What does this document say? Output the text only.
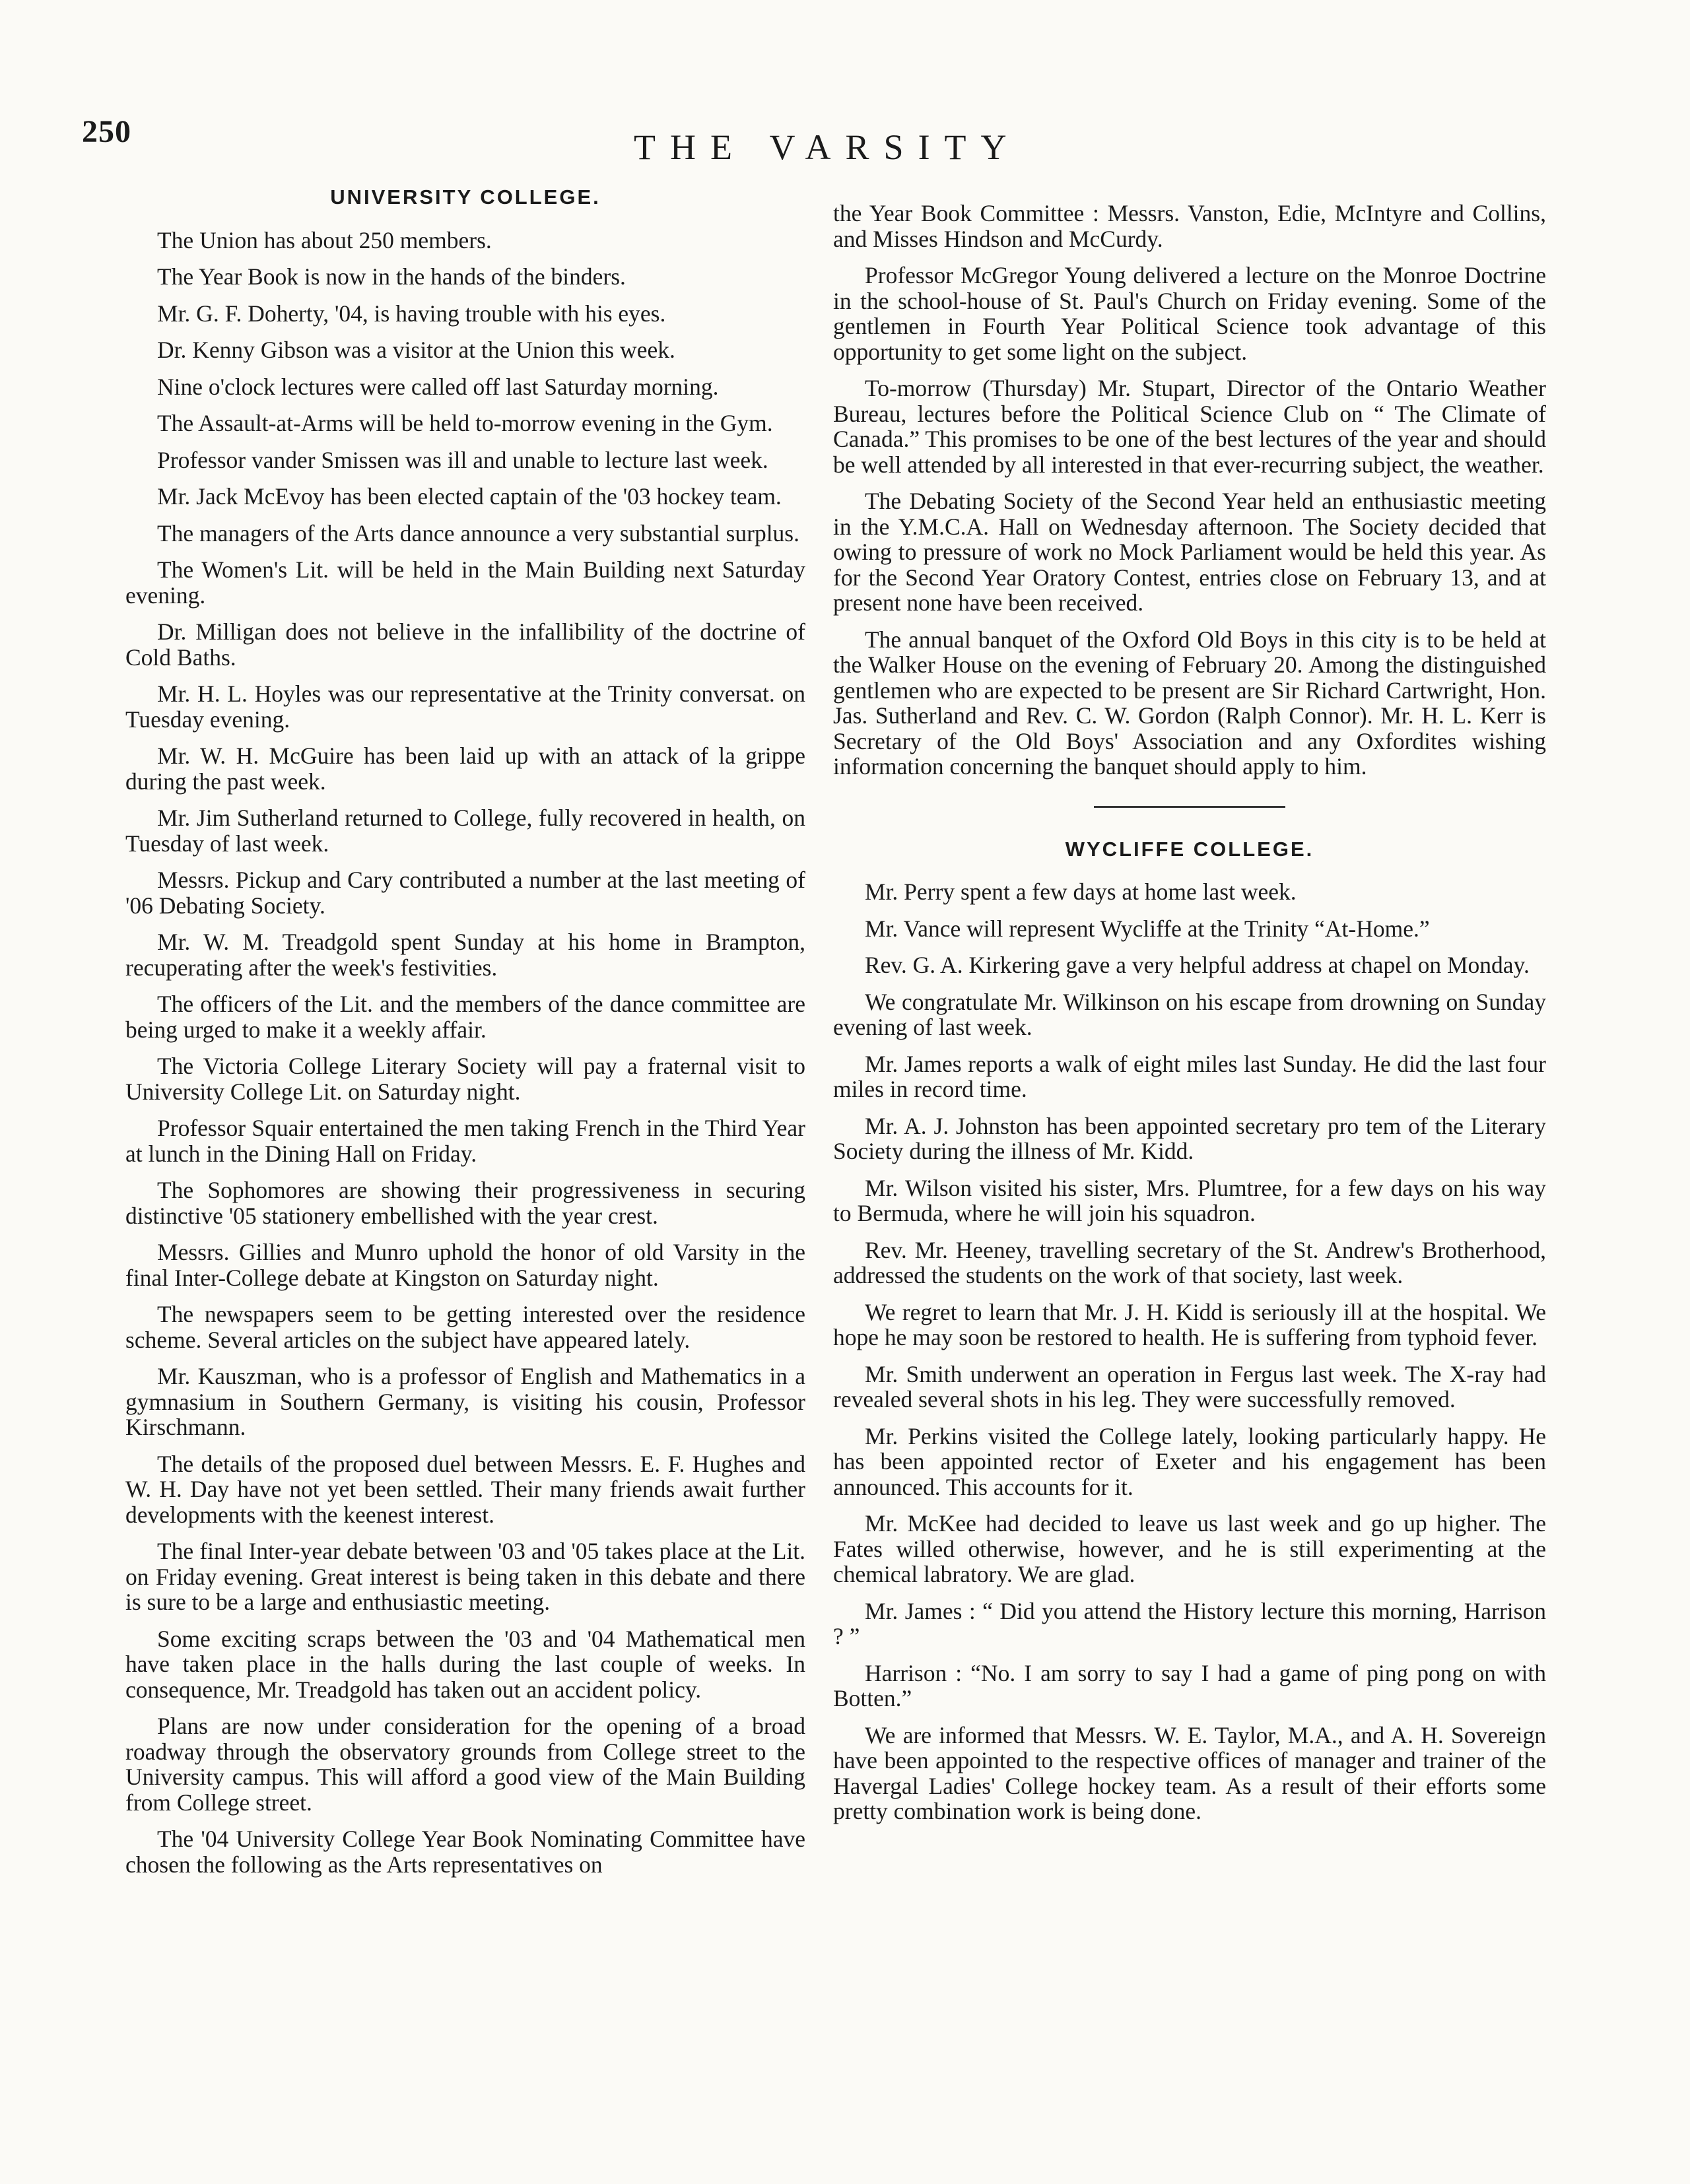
250	THE VARSITY
UNIVERSITY COLLEGE.

The Union has about 250 members.

The Year Book is now in the hands of the binders.

Mr. G. F. Doherty, '04, is having trouble with his eyes.

Dr. Kenny Gibson was a visitor at the Union this week.

Nine o'clock lectures were called off last Saturday morning.

The Assault-at-Arms will be held to-morrow evening in the Gym.

Professor vander Smissen was ill and unable to lecture last week.

Mr. Jack McEvoy has been elected captain of the '03 hockey team.

The managers of the Arts dance announce a very substantial surplus.

The Women's Lit. will be held in the Main Building next Saturday evening.

Dr. Milligan does not believe in the infallibility of the doctrine of Cold Baths.

Mr. H. L. Hoyles was our representative at the Trinity conversat. on Tuesday evening.

Mr. W. H. McGuire has been laid up with an attack of la grippe during the past week.

Mr. Jim Sutherland returned to College, fully recovered in health, on Tuesday of last week.

Messrs. Pickup and Cary contributed a number at the last meeting of '06 Debating Society.

Mr. W. M. Treadgold spent Sunday at his home in Brampton, recuperating after the week's festivities.

The officers of the Lit. and the members of the dance committee are being urged to make it a weekly affair.

The Victoria College Literary Society will pay a fraternal visit to University College Lit. on Saturday night.

Professor Squair entertained the men taking French in the Third Year at lunch in the Dining Hall on Friday.

The Sophomores are showing their progressiveness in securing distinctive '05 stationery embellished with the year crest.

Messrs. Gillies and Munro uphold the honor of old Varsity in the final Inter-College debate at Kingston on Saturday night.

The newspapers seem to be getting interested over the residence scheme. Several articles on the subject have appeared lately.

Mr. Kauszman, who is a professor of English and Mathematics in a gymnasium in Southern Germany, is visiting his cousin, Professor Kirschmann.

The details of the proposed duel between Messrs. E. F. Hughes and W. H. Day have not yet been settled. Their many friends await further developments with the keenest interest.

The final Inter-year debate between '03 and '05 takes place at the Lit. on Friday evening. Great interest is being taken in this debate and there is sure to be a large and enthusiastic meeting.

Some exciting scraps between the '03 and '04 Mathematical men have taken place in the halls during the last couple of weeks. In consequence, Mr. Treadgold has taken out an accident policy.

Plans are now under consideration for the opening of a broad roadway through the observatory grounds from College street to the University campus. This will afford a good view of the Main Building from College street.

The '04 University College Year Book Nominating Committee have chosen the following as the Arts representatives on

the Year Book Committee : Messrs. Vanston, Edie, McIntyre and Collins, and Misses Hindson and McCurdy.

Professor McGregor Young delivered a lecture on the Monroe Doctrine in the school-house of St. Paul's Church on Friday evening. Some of the gentlemen in Fourth Year Political Science took advantage of this opportunity to get some light on the subject.

To-morrow (Thursday) Mr. Stupart, Director of the Ontario Weather Bureau, lectures before the Political Science Club on “ The Climate of Canada.” This promises to be one of the best lectures of the year and should be well attended by all interested in that ever-recurring subject, the weather.

The Debating Society of the Second Year held an enthusiastic meeting in the Y.M.C.A. Hall on Wednesday afternoon. The Society decided that owing to pressure of work no Mock Parliament would be held this year. As for the Second Year Oratory Contest, entries close on February 13, and at present none have been received.

The annual banquet of the Oxford Old Boys in this city is to be held at the Walker House on the evening of February 20. Among the distinguished gentlemen who are expected to be present are Sir Richard Cartwright, Hon. Jas. Sutherland and Rev. C. W. Gordon (Ralph Connor). Mr. H. L. Kerr is Secretary of the Old Boys' Association and any Oxfordites wishing information concerning the banquet should apply to him.

WYCLIFFE COLLEGE.

Mr. Perry spent a few days at home last week.

Mr. Vance will represent Wycliffe at the Trinity “At-Home.”

Rev. G. A. Kirkering gave a very helpful address at chapel on Monday.

We congratulate Mr. Wilkinson on his escape from drowning on Sunday evening of last week.

Mr. James reports a walk of eight miles last Sunday. He did the last four miles in record time.

Mr. A. J. Johnston has been appointed secretary pro tem of the Literary Society during the illness of Mr. Kidd.

Mr. Wilson visited his sister, Mrs. Plumtree, for a few days on his way to Bermuda, where he will join his squadron.

Rev. Mr. Heeney, travelling secretary of the St. Andrew's Brotherhood, addressed the students on the work of that society, last week.

We regret to learn that Mr. J. H. Kidd is seriously ill at the hospital. We hope he may soon be restored to health. He is suffering from typhoid fever.

Mr. Smith underwent an operation in Fergus last week. The X-ray had revealed several shots in his leg. They were successfully removed.

Mr. Perkins visited the College lately, looking particularly happy. He has been appointed rector of Exeter and his engagement has been announced. This accounts for it.

Mr. McKee had decided to leave us last week and go up higher. The Fates willed otherwise, however, and he is still experimenting at the chemical labratory. We are glad.

Mr. James : “ Did you attend the History lecture this morning, Harrison ? ”

Harrison : “No. I am sorry to say I had a game of ping pong on with Botten.”

We are informed that Messrs. W. E. Taylor, M.A., and A. H. Sovereign have been appointed to the respective offices of manager and trainer of the Havergal Ladies' College hockey team. As a result of their efforts some pretty combination work is being done.
